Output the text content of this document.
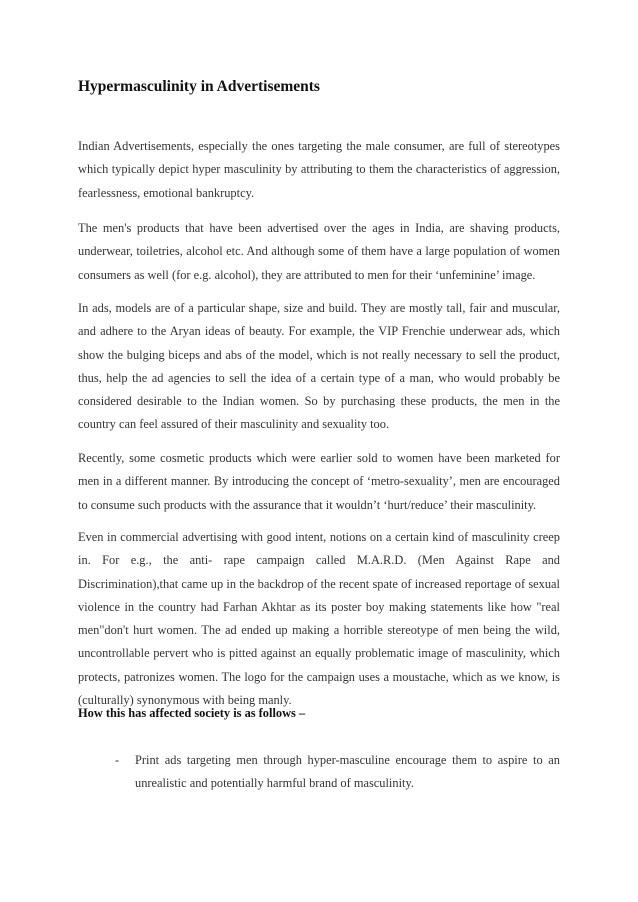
Hypermasculinity in Advertisements

Indian Advertisements, especially the ones targeting the male consumer, are full of stereotypes which typically depict hyper masculinity by attributing to them the characteristics of aggression, fearlessness, emotional bankruptcy.

The men's products that have been advertised over the ages in India, are shaving products, underwear, toiletries, alcohol etc. And although some of them have a large population of women consumers as well (for e.g. alcohol), they are attributed to men for their ‘unfeminine’ image.

In ads, models are of a particular shape, size and build. They are mostly tall, fair and muscular, and adhere to the Aryan ideas of beauty. For example, the VIP Frenchie underwear ads, which show the bulging biceps and abs of the model, which is not really necessary to sell the product, thus, help the ad agencies to sell the idea of a certain type of a man, who would probably be considered desirable to the Indian women. So by purchasing these products, the men in the country can feel assured of their masculinity and sexuality too.

Recently, some cosmetic products which were earlier sold to women have been marketed for men in a different manner. By introducing the concept of ‘metro-sexuality’, men are encouraged to consume such products with the assurance that it wouldn’t ‘hurt/reduce’ their masculinity.

Even in commercial advertising with good intent, notions on a certain kind of masculinity creep in. For e.g., the anti- rape campaign called M.A.R.D. (Men Against Rape and Discrimination),that came up in the backdrop of the recent spate of increased reportage of sexual violence in the country had Farhan Akhtar as its poster boy making statements like how "real men"don't hurt women. The ad ended up making a horrible stereotype of men being the wild, uncontrollable pervert who is pitted against an equally problematic image of masculinity, which protects, patronizes women. The logo for the campaign uses a moustache, which as we know, is (culturally) synonymous with being manly.

How this has affected society is as follows –
- Print ads targeting men through hyper-masculine encourage them to aspire to an unrealistic and potentially harmful brand of masculinity.
